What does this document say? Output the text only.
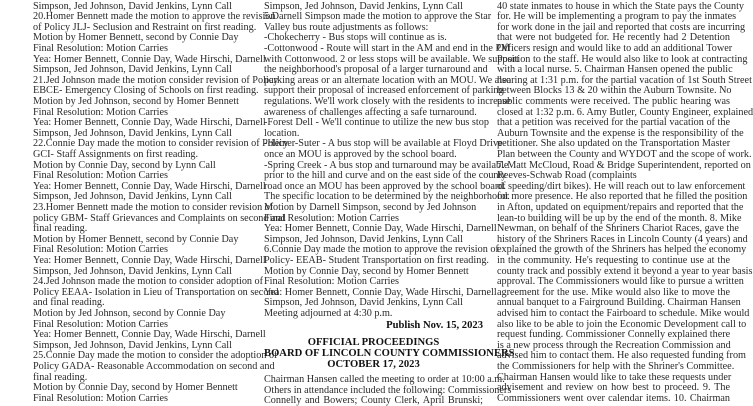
Simpson, Jed Johnson, David Jenkins, Lynn Call
20.Homer Bennett made the motion to approve the revision
of Policy JLJ- Seclusion and Restraint on first reading.
Motion by Homer Bennett, second by Connie Day
Final Resolution: Motion Carries
Yea: Homer Bennett, Connie Day, Wade Hirschi, Darnell
Simpson, Jed Johnson, David Jenkins, Lynn Call
21.Jed Johnson made the motion consider revision of Policy
EBCE- Emergency Closing of Schools on first reading.
Motion by Jed Johnson, second by Homer Bennett
Final Resolution: Motion Carries
Yea: Homer Bennett, Connie Day, Wade Hirschi, Darnell
Simpson, Jed Johnson, David Jenkins, Lynn Call
22.Connie Day made the motion to consider revision of Policy
GCI- Staff Assignments on first reading.
Motion by Connie Day, second by Lynn Call
Final Resolution: Motion Carries
Yea: Homer Bennett, Connie Day, Wade Hirschi, Darnell
Simpson, Jed Johnson, David Jenkins, Lynn Call
23.Homer Bennett made the motion to consider revision of
policy GBM- Staff Grievances and Complaints on second and
final reading.
Motion by Homer Bennett, second by Connie Day
Final Resolution: Motion Carries
Yea: Homer Bennett, Connie Day, Wade Hirschi, Darnell
Simpson, Jed Johnson, David Jenkins, Lynn Call
24.Jed Johnson made the motion to consider adoption of
Policy EEAA- Isolation in Lieu of Transportation on second
and final reading.
Motion by Jed Johnson, second by Connie Day
Final Resolution: Motion Carries
Yea: Homer Bennett, Connie Day, Wade Hirschi, Darnell
Simpson, Jed Johnson, David Jenkins, Lynn Call
25.Connie Day made the motion to consider the adoption of
Policy GADA- Reasonable Accommodation on second and
final reading.
Motion by Connie Day, second by Homer Bennett
Final Resolution: Motion Carries
Publish Nov. 15, 2023
OFFICIAL PROCEEDINGS
BOARD OF LINCOLN COUNTY COMMISSIONERS
OCTOBER 17, 2023
Simpson, Jed Johnson, David Jenkins, Lynn Call
5.Darnell Simpson made the motion to approve the Star
Valley bus route adjustments as follows:
-Chokecherry - Bus stops will continue as is.
-Cottonwood - Route will start in the AM and end in the PM
with Cottonwood. 2 or less stops will be available. We support
the neighborhood's proposal of a larger turnaround and
parking areas or an alternate location with an MOU. We also
support their proposal of increased enforcement of parking
regulations. We'll work closely with the residents to increase
awareness of challenges affecting a safe turnaround.
-Forest Dell - We'll continue to utilize the new bus stop
location.
-Heiner-Suter - A bus stop will be available at Floyd Drive
once an MOU is approved by the school board.
-Spring Creek - A bus stop and turnaround may be available
prior to the hill and curve and on the east side of the county
road once an MOU has been approved by the school board.
The specific location to be determined by the neighborhood.
Motion by Darnell Simpson, second by Jed Johnson
Final Resolution: Motion Carries
Yea: Homer Bennett, Connie Day, Wade Hirschi, Darnell
Simpson, Jed Johnson, David Jenkins, Lynn Call
6.Connie Day made the motion to approve the revision of
Policy- EEAB- Student Transportation on first reading.
Motion by Connie Day, second by Homer Bennett
Final Resolution: Motion Carries
Yea: Homer Bennett, Connie Day, Wade Hirschi, Darnell
Simpson, Jed Johnson, David Jenkins, Lynn Call
Meeting adjourned at 4:30 p.m.
Chairman Hansen called the meeting to order at 10:00 a.m.
Others in attendance included the following: Commissioners
Connelly and Bowers; County Clerk, April Brunski;
40 state inmates to house in which the State pays the County
for. He will be implementing a program to pay the inmates
for work done in the jail and reported that costs are incurring
that were not budgeted for. He recently had 2 Detention
Officers resign and would like to add an additional Tower
Position to the staff. He would also like to look at contracting
with a local nurse. 5. Chairman Hansen opened the public
hearing at 1:31 p.m. for the partial vacation of 1st South Street
between Blocks 13 & 20 within the Auburn Townsite. No
public comments were received. The public hearing was
closed at 1:32 p.m. 6. Amy Butler, County Engineer, explained
that a petition was received for the partial vacation of the
Auburn Townsite and the expense is the responsibility of the
petitioner. She also updated on the Transportation Master
Plan between the County and WYDOT and the scope of work.
7. Matt McCloud, Road & Bridge Superintendent, reported on
Reeves-Schwab Road (complaints
of speeding/dirt bikes). He will reach out to law enforcement
for more presence. He also reported that he filled the position
in Afton, updated on equipment/repairs and reported that the
lean-to building will be up by the end of the month. 8. Mike
Newman, on behalf of the Shriners Chariot Races, gave the
history of the Shriners Races in Lincoln County (4 years) and
explained the growth of the Shriners has helped the economy
in the community. He's requesting to continue use at the
county track and possibly extend it beyond a year to year basis
approval. The Commissioners would like to pursue a written
agreement for the use. Mike would also like to move the
annual banquet to a Fairground Building. Chairman Hansen
advised him to contact the Fairboard to schedule. Mike would
also like to be able to join the Economic Development call to
request funding. Commissioner Connelly explained there
is a new process through the Recreation Commission and
advised him to contact them. He also requested funding from
the Commissioners for help with the Shriner's Committee.
Chairman Hansen would like to take these requests under
advisement and review on how best to proceed. 9. The
Commissioners went over calendar items. 10. Chairman
